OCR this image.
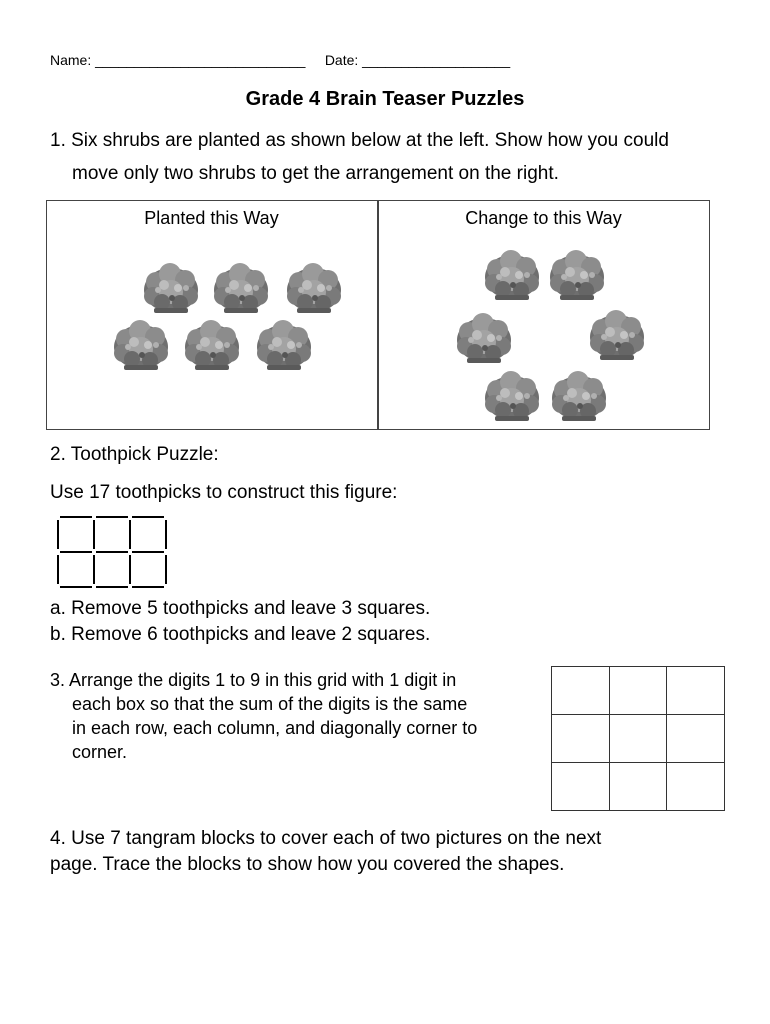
Name: ___________________________ Date: ___________________
Grade 4 Brain Teaser Puzzles
1. Six shrubs are planted as shown below at the left. Show how you could
move only two shrubs to get the arrangement on the right.
Planted this Way	Change to this Way
2. Toothpick Puzzle:
Use 17 toothpicks to construct this figure:
a. Remove 5 toothpicks and leave 3 squares.
b. Remove 6 toothpicks and leave 2 squares.
3. Arrange the digits 1 to 9 in this grid with 1 digit in
each box so that the sum of the digits is the same
in each row, each column, and diagonally corner to
corner.

4. Use 7 tangram blocks to cover each of two pictures on the next
page. Trace the blocks to show how you covered the shapes.
